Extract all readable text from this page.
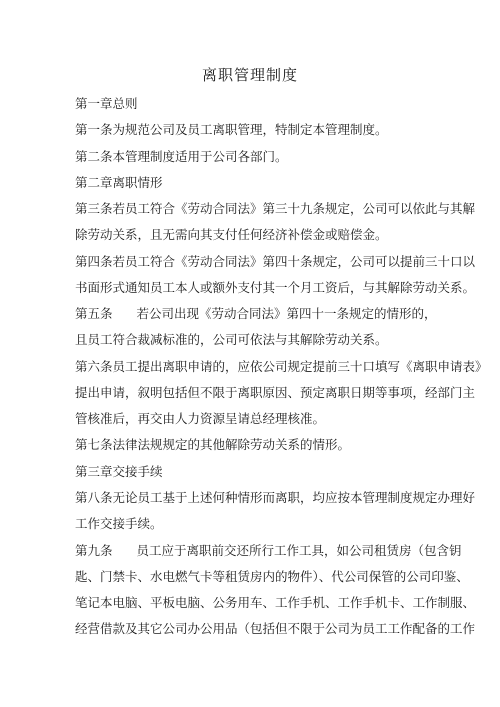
离职管理制度
第一章总则
第一条为规范公司及员工离职管理，特制定本管理制度。
第二条本管理制度适用于公司各部门。
第二章离职情形
第三条若员工符合《劳动合同法》第三十九条规定，公司可以依此与其解
除劳动关系，且无需向其支付任何经济补偿金或赔偿金。
第四条若员工符合《劳动合同法》第四十条规定，公司可以提前三十口以
书面形式通知员工本人或额外支付其一个月工资后，与其解除劳动关系。
第五条 若公司出现《劳动合同法》第四十一条规定的情形的，
且员工符合裁减标准的，公司可依法与其解除劳动关系。
第六条员工提出离职申请的，应依公司规定提前三十口填写《离职申请表》
提出申请，叙明包括但不限于离职原因、预定离职日期等事项，经部门主
管核准后，再交由人力资源呈请总经理核准。
第七条法律法规规定的其他解除劳动关系的情形。
第三章交接手续
第八条无论员工基于上述何种情形而离职，均应按本管理制度规定办理好
工作交接手续。
第九条 员工应于离职前交还所行工作工具，如公司租赁房（包含钥
匙、门禁卡、水电燃气卡等租赁房内的物件）、代公司保管的公司印鉴、
笔记本电脑、平板电脑、公务用车、工作手机、工作手机卡、工作制服、
经营借款及其它公司办公用品（包括但不限于公司为员工工作配备的工作
